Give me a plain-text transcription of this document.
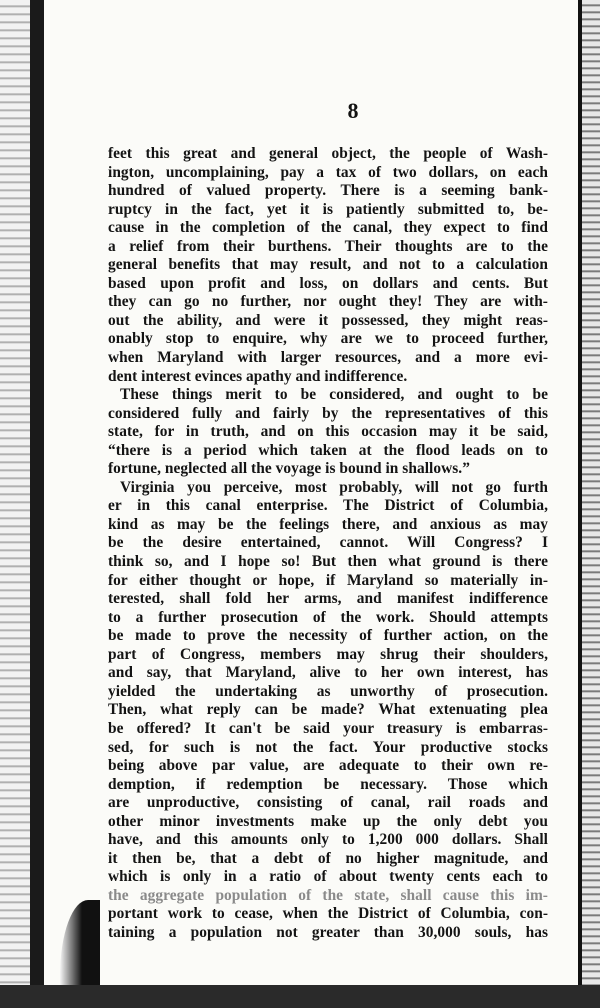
8
feet this great and general object, the people of Wash-
ington, uncomplaining, pay a tax of two dollars, on each
hundred of valued property. There is a seeming bank-
ruptcy in the fact, yet it is patiently submitted to, be-
cause in the completion of the canal, they expect to find
a relief from their burthens. Their thoughts are to the
general benefits that may result, and not to a calculation
based upon profit and loss, on dollars and cents. But
they can go no further, nor ought they! They are with-
out the ability, and were it possessed, they might reas-
onably stop to enquire, why are we to proceed further,
when Maryland with larger resources, and a more evi-
dent interest evinces apathy and indifference.
These things merit to be considered, and ought to be
considered fully and fairly by the representatives of this
state, for in truth, and on this occasion may it be said,
“there is a period which taken at the flood leads on to
fortune, neglected all the voyage is bound in shallows.”
Virginia you perceive, most probably, will not go furth
er in this canal enterprise. The District of Columbia,
kind as may be the feelings there, and anxious as may
be the desire entertained, cannot. Will Congress? I
think so, and I hope so! But then what ground is there
for either thought or hope, if Maryland so materially in-
terested, shall fold her arms, and manifest indifference
to a further prosecution of the work. Should attempts
be made to prove the necessity of further action, on the
part of Congress, members may shrug their shoulders,
and say, that Maryland, alive to her own interest, has
yielded the undertaking as unworthy of prosecution.
Then, what reply can be made? What extenuating plea
be offered? It can't be said your treasury is embarras-
sed, for such is not the fact. Your productive stocks
being above par value, are adequate to their own re-
demption, if redemption be necessary. Those which
are unproductive, consisting of canal, rail roads and
other minor investments make up the only debt you
have, and this amounts only to 1,200 000 dollars. Shall
it then be, that a debt of no higher magnitude, and
which is only in a ratio of about twenty cents each to
the aggregate population of the state, shall cause this im-
portant work to cease, when the District of Columbia, con-
taining a population not greater than 30,000 souls, has
